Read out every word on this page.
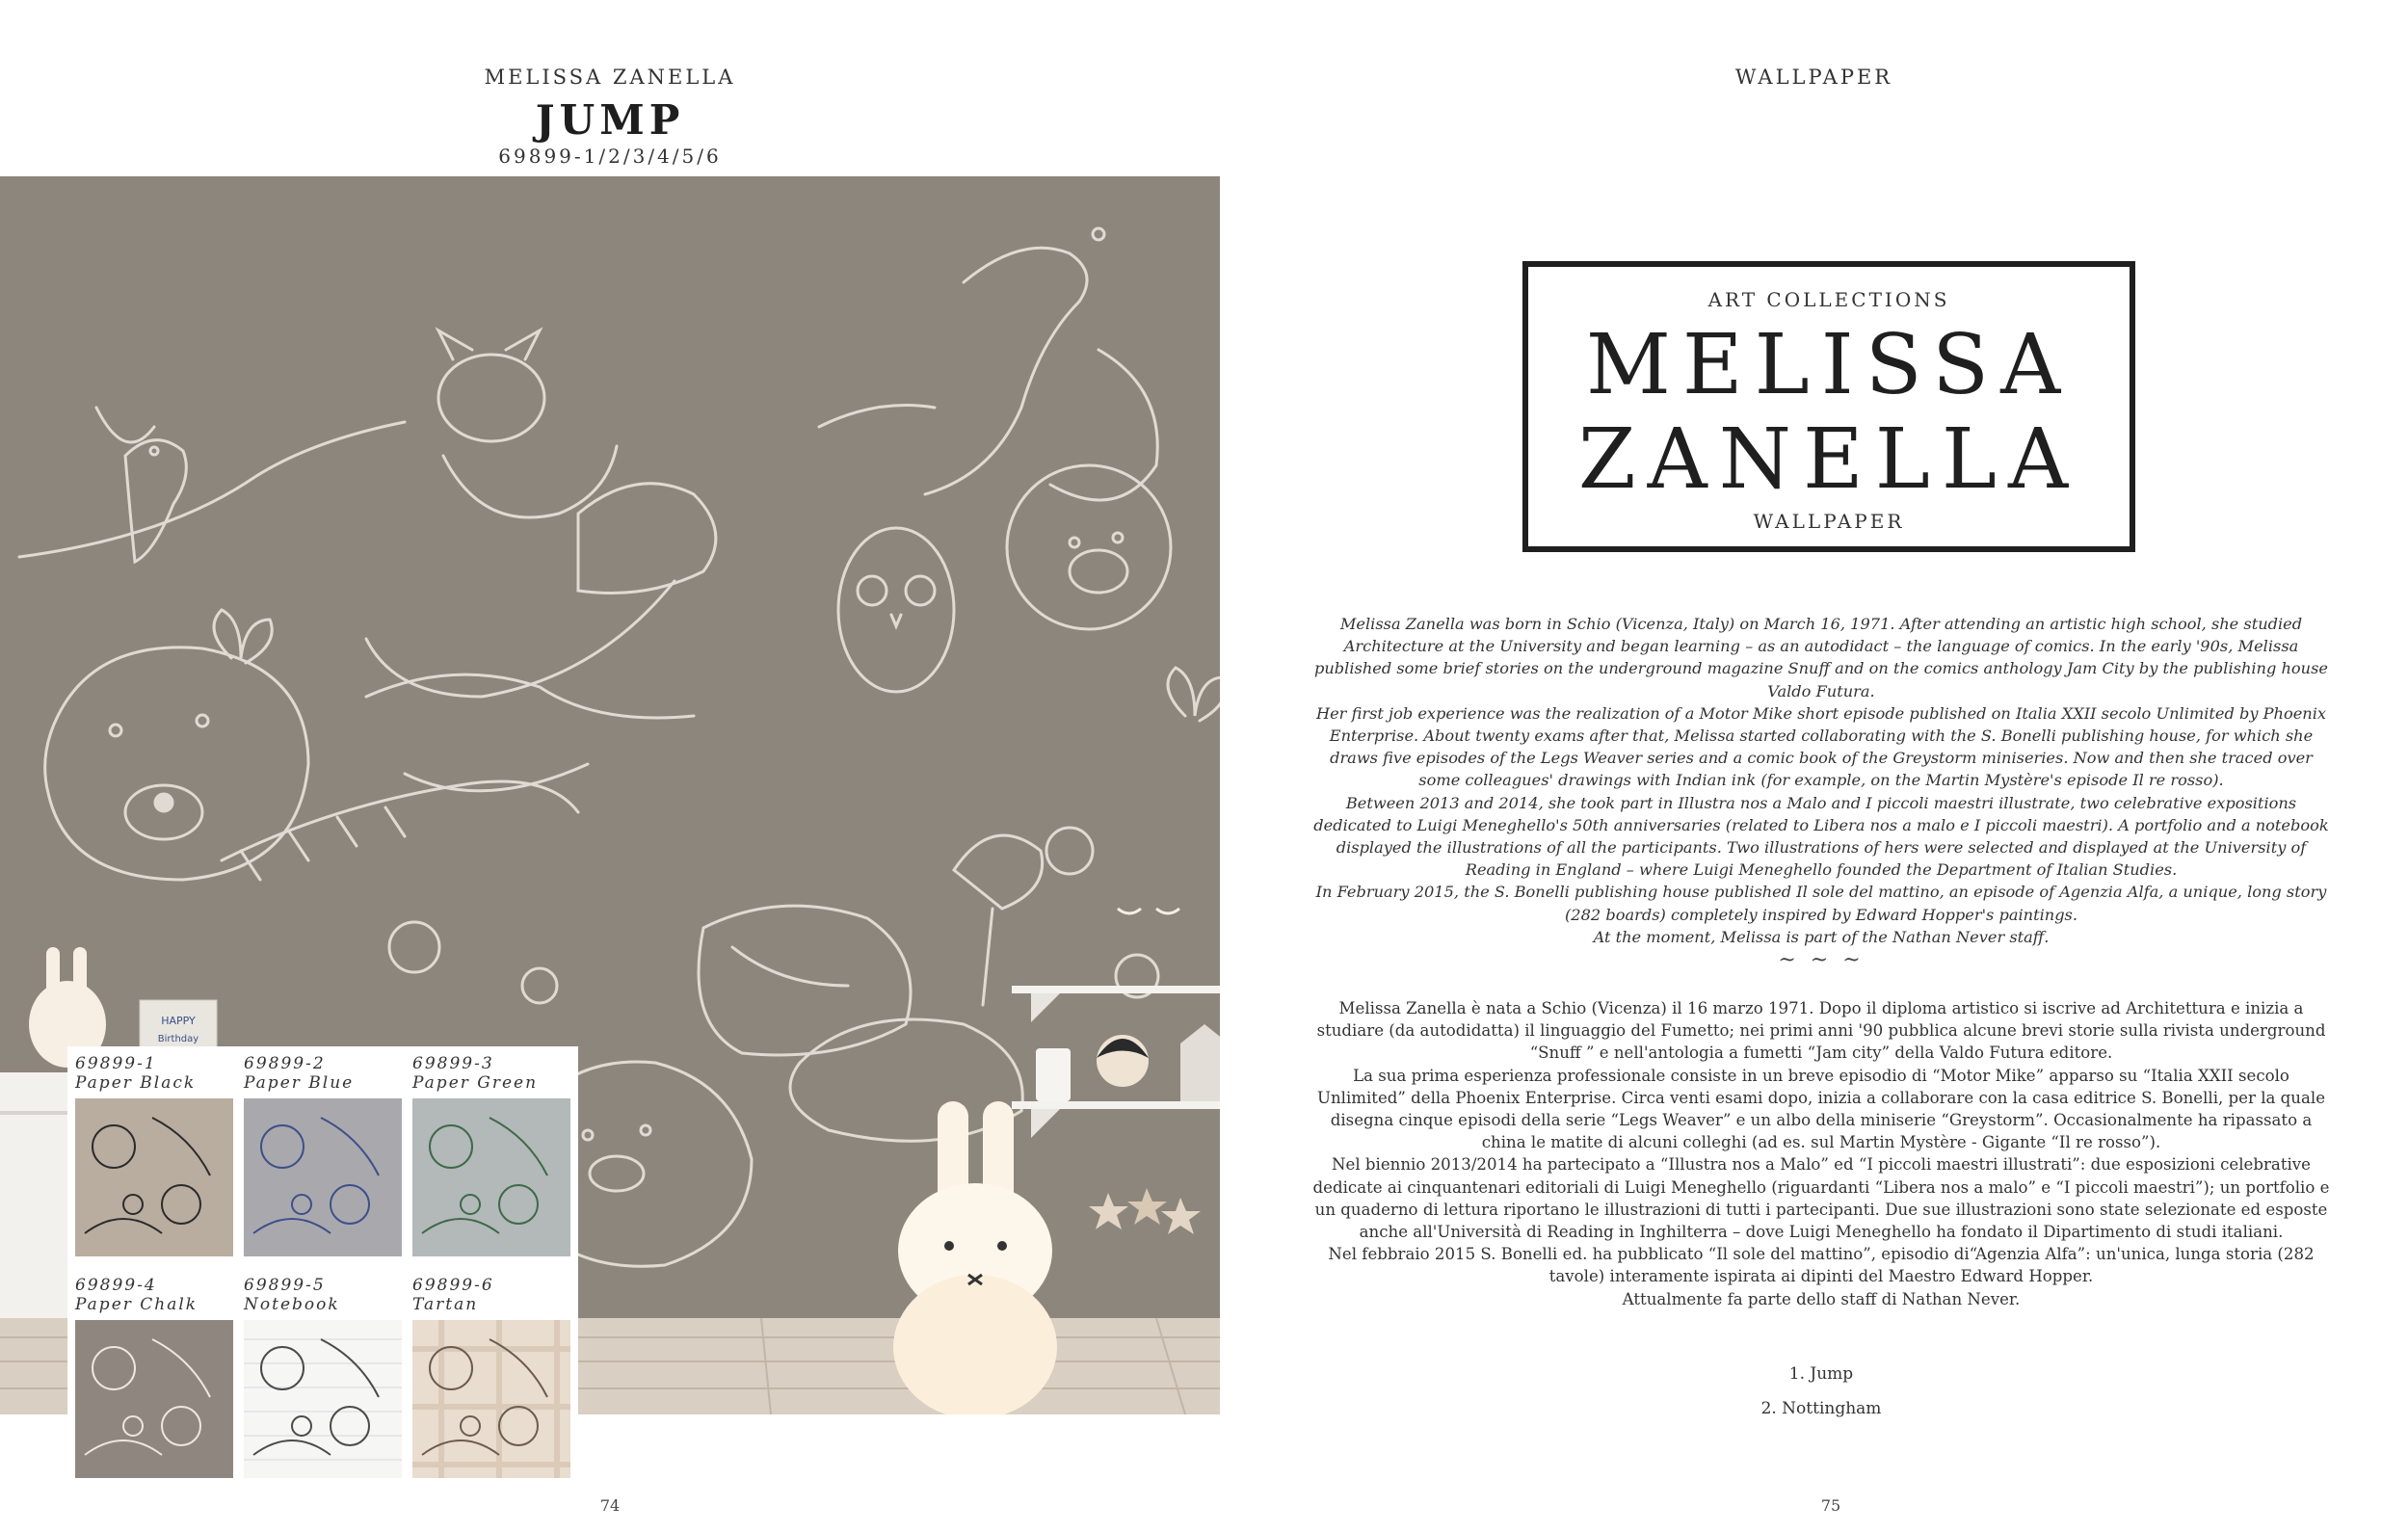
MELISSA ZANELLA
JUMP
69899-1/2/3/4/5/6
HAPPY
Birthday
69899-1
Paper Black
69899-2
Paper Blue
69899-3
Paper Green
69899-4
Paper Chalk
69899-5
Notebook
69899-6
Tartan
74
WALLPAPER
ART COLLECTIONS
MELISSA
ZANELLA
WALLPAPER

Melissa Zanella was born in Schio (Vicenza, Italy) on March 16, 1971. After attending an artistic high school, she studied Architecture at the University and began learning – as an autodidact – the language of comics. In the early '90s, Melissa published some brief stories on the underground magazine Snuff and on the comics anthology Jam City by the publishing house Valdo Futura.

Her first job experience was the realization of a Motor Mike short episode published on Italia XXII secolo Unlimited by Phoenix Enterprise. About twenty exams after that, Melissa started collaborating with the S. Bonelli publishing house, for which she draws five episodes of the Legs Weaver series and a comic book of the Greystorm miniseries. Now and then she traced over some colleagues' drawings with Indian ink (for example, on the Martin Mystère's episode Il re rosso).

Between 2013 and 2014, she took part in Illustra nos a Malo and I piccoli maestri illustrate, two celebrative expositions dedicated to Luigi Meneghello's 50th anniversaries (related to Libera nos a malo e I piccoli maestri). A portfolio and a notebook displayed the illustrations of all the participants. Two illustrations of hers were selected and displayed at the University of Reading in England – where Luigi Meneghello founded the Department of Italian Studies.

In February 2015, the S. Bonelli publishing house published Il sole del mattino, an episode of Agenzia Alfa, a unique, long story (282 boards) completely inspired by Edward Hopper's paintings.

At the moment, Melissa is part of the Nathan Never staff.

~ ~ ~

Melissa Zanella è nata a Schio (Vicenza) il 16 marzo 1971. Dopo il diploma artistico si iscrive ad Architettura e inizia a studiare (da autodidatta) il linguaggio del Fumetto; nei primi anni '90 pubblica alcune brevi storie sulla rivista underground “Snuff ” e nell'antologia a fumetti “Jam city” della Valdo Futura editore.

La sua prima esperienza professionale consiste in un breve episodio di “Motor Mike” apparso su “Italia XXII secolo Unlimited” della Phoenix Enterprise. Circa venti esami dopo, inizia a collaborare con la casa editrice S. Bonelli, per la quale disegna cinque episodi della serie “Legs Weaver” e un albo della miniserie “Greystorm”. Occasionalmente ha ripassato a china le matite di alcuni colleghi (ad es. sul Martin Mystère - Gigante “Il re rosso”).

Nel biennio 2013/2014 ha partecipato a “Illustra nos a Malo” ed “I piccoli maestri illustrati”: due esposizioni celebrative dedicate ai cinquantenari editoriali di Luigi Meneghello (riguardanti “Libera nos a malo” e “I piccoli maestri”); un portfolio e un quaderno di lettura riportano le illustrazioni di tutti i partecipanti. Due sue illustrazioni sono state selezionate ed esposte anche all'Università di Reading in Inghilterra – dove Luigi Meneghello ha fondato il Dipartimento di studi italiani.

Nel febbraio 2015 S. Bonelli ed. ha pubblicato “Il sole del mattino”, episodio di“Agenzia Alfa”: un'unica, lunga storia (282 tavole) interamente ispirata ai dipinti del Maestro Edward Hopper.

Attualmente fa parte dello staff di Nathan Never.

1. Jump
2. Nottingham
75
